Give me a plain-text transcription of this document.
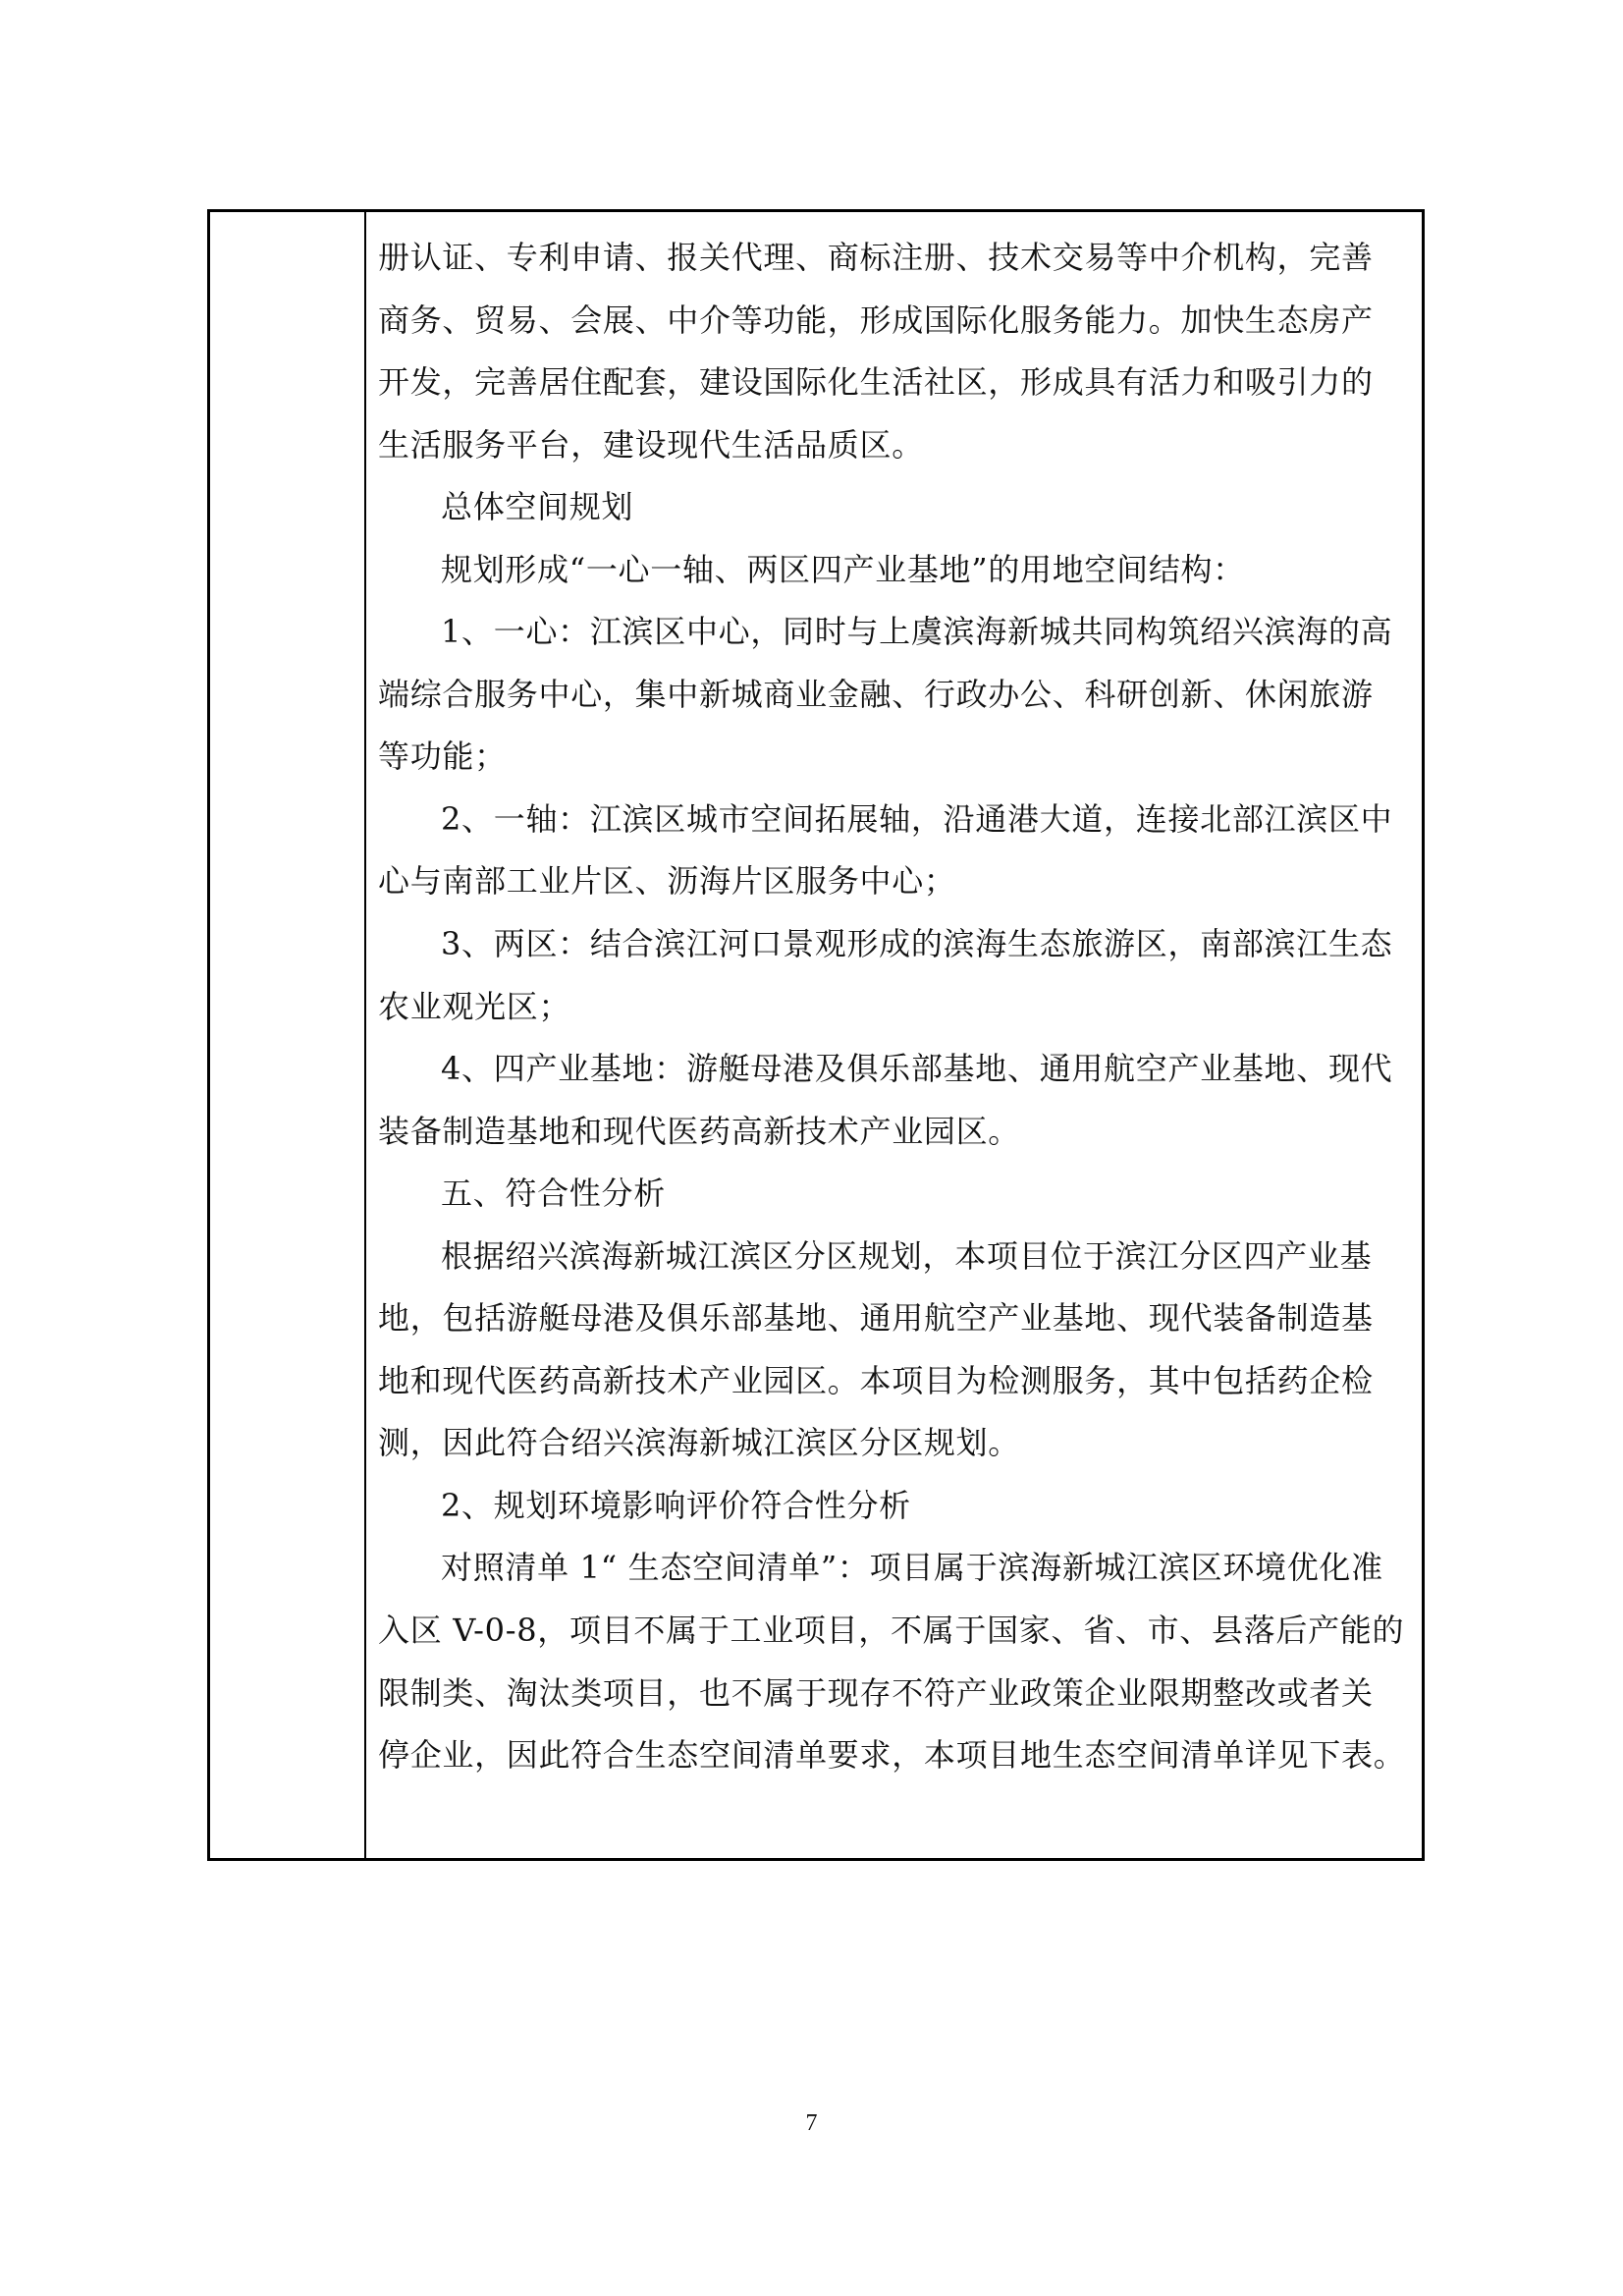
册认证、专利申请、报关代理、商标注册、技术交易等中介机构，完善
商务、贸易、会展、中介等功能，形成国际化服务能力。加快生态房产
开发，完善居住配套，建设国际化生活社区，形成具有活力和吸引力的
生活服务平台，建设现代生活品质区。
总体空间规划
规划形成“一心一轴、两区四产业基地”的用地空间结构：
1、一心：江滨区中心，同时与上虞滨海新城共同构筑绍兴滨海的高
端综合服务中心，集中新城商业金融、行政办公、科研创新、休闲旅游
等功能；
2、一轴：江滨区城市空间拓展轴，沿通港大道，连接北部江滨区中
心与南部工业片区、沥海片区服务中心；
3、两区：结合滨江河口景观形成的滨海生态旅游区，南部滨江生态
农业观光区；
4、四产业基地：游艇母港及俱乐部基地、通用航空产业基地、现代
装备制造基地和现代医药高新技术产业园区。
五、符合性分析
根据绍兴滨海新城江滨区分区规划，本项目位于滨江分区四产业基
地，包括游艇母港及俱乐部基地、通用航空产业基地、现代装备制造基
地和现代医药高新技术产业园区。本项目为检测服务，其中包括药企检
测，因此符合绍兴滨海新城江滨区分区规划。
2、规划环境影响评价符合性分析
对照清单 1“ 生态空间清单”：项目属于滨海新城江滨区环境优化准
入区 V-0-8，项目不属于工业项目，不属于国家、省、市、县落后产能的
限制类、淘汰类项目，也不属于现存不符产业政策企业限期整改或者关
停企业，因此符合生态空间清单要求，本项目地生态空间清单详见下表。
7
